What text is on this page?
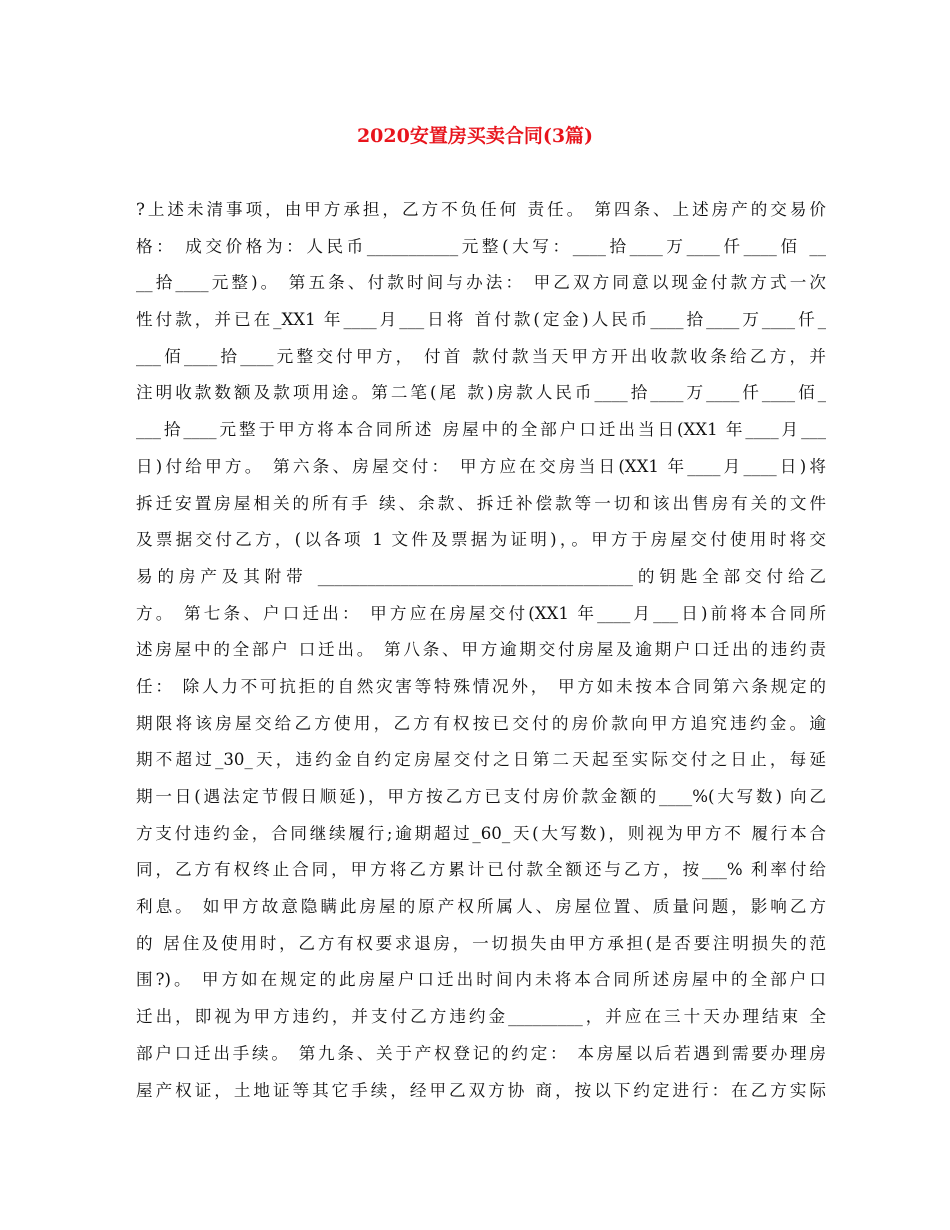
2020安置房买卖合同(3篇)
?上述未清事项，由甲方承担，乙方不负任何 责任。 第四条、上述房产的交易价
格： 成交价格为：人民币___________元整(大写：____拾____万____仟____佰 __
__拾____元整)。 第五条、付款时间与办法： 甲乙双方同意以现金付款方式一次
性付款，并已在_XX1 年____月___日将 首付款(定金)人民币____拾____万____仟_
___佰____拾____元整交付甲方， 付首 款付款当天甲方开出收款收条给乙方，并
注明收款数额及款项用途。第二笔(尾 款)房款人民币____拾____万____仟____佰_
___拾____元整于甲方将本合同所述 房屋中的全部户口迁出当日(XX1 年____月___
日)付给甲方。 第六条、房屋交付： 甲方应在交房当日(XX1 年____月____日)将
拆迁安置房屋相关的所有手 续、余款、拆迁补偿款等一切和该出售房有关的文件
及票据交付乙方，(以各项 1 文件及票据为证明)，。甲方于房屋交付使用时将交
易的房产及其附带 ______________________________________的钥匙全部交付给乙
方。 第七条、户口迁出： 甲方应在房屋交付(XX1 年____月___日)前将本合同所
述房屋中的全部户 口迁出。 第八条、甲方逾期交付房屋及逾期户口迁出的违约责
任： 除人力不可抗拒的自然灾害等特殊情况外， 甲方如未按本合同第六条规定的
期限将该房屋交给乙方使用，乙方有权按已交付的房价款向甲方追究违约金。逾
期不超过_30_天，违约金自约定房屋交付之日第二天起至实际交付之日止，每延
期一日(遇法定节假日顺延)，甲方按乙方已支付房价款金额的____%(大写数) 向乙
方支付违约金，合同继续履行;逾期超过_60_天(大写数)，则视为甲方不 履行本合
同，乙方有权终止合同，甲方将乙方累计已付款全额还与乙方，按___% 利率付给
利息。 如甲方故意隐瞒此房屋的原产权所属人、房屋位置、质量问题，影响乙方
的 居住及使用时，乙方有权要求退房，一切损失由甲方承担(是否要注明损失的范
围?)。 甲方如在规定的此房屋户口迁出时间内未将本合同所述房屋中的全部户口
迁出，即视为甲方违约，并支付乙方违约金_________，并应在三十天办理结束 全
部户口迁出手续。 第九条、关于产权登记的约定： 本房屋以后若遇到需要办理房
屋产权证，土地证等其它手续，经甲乙双方协 商，按以下约定进行：在乙方实际
